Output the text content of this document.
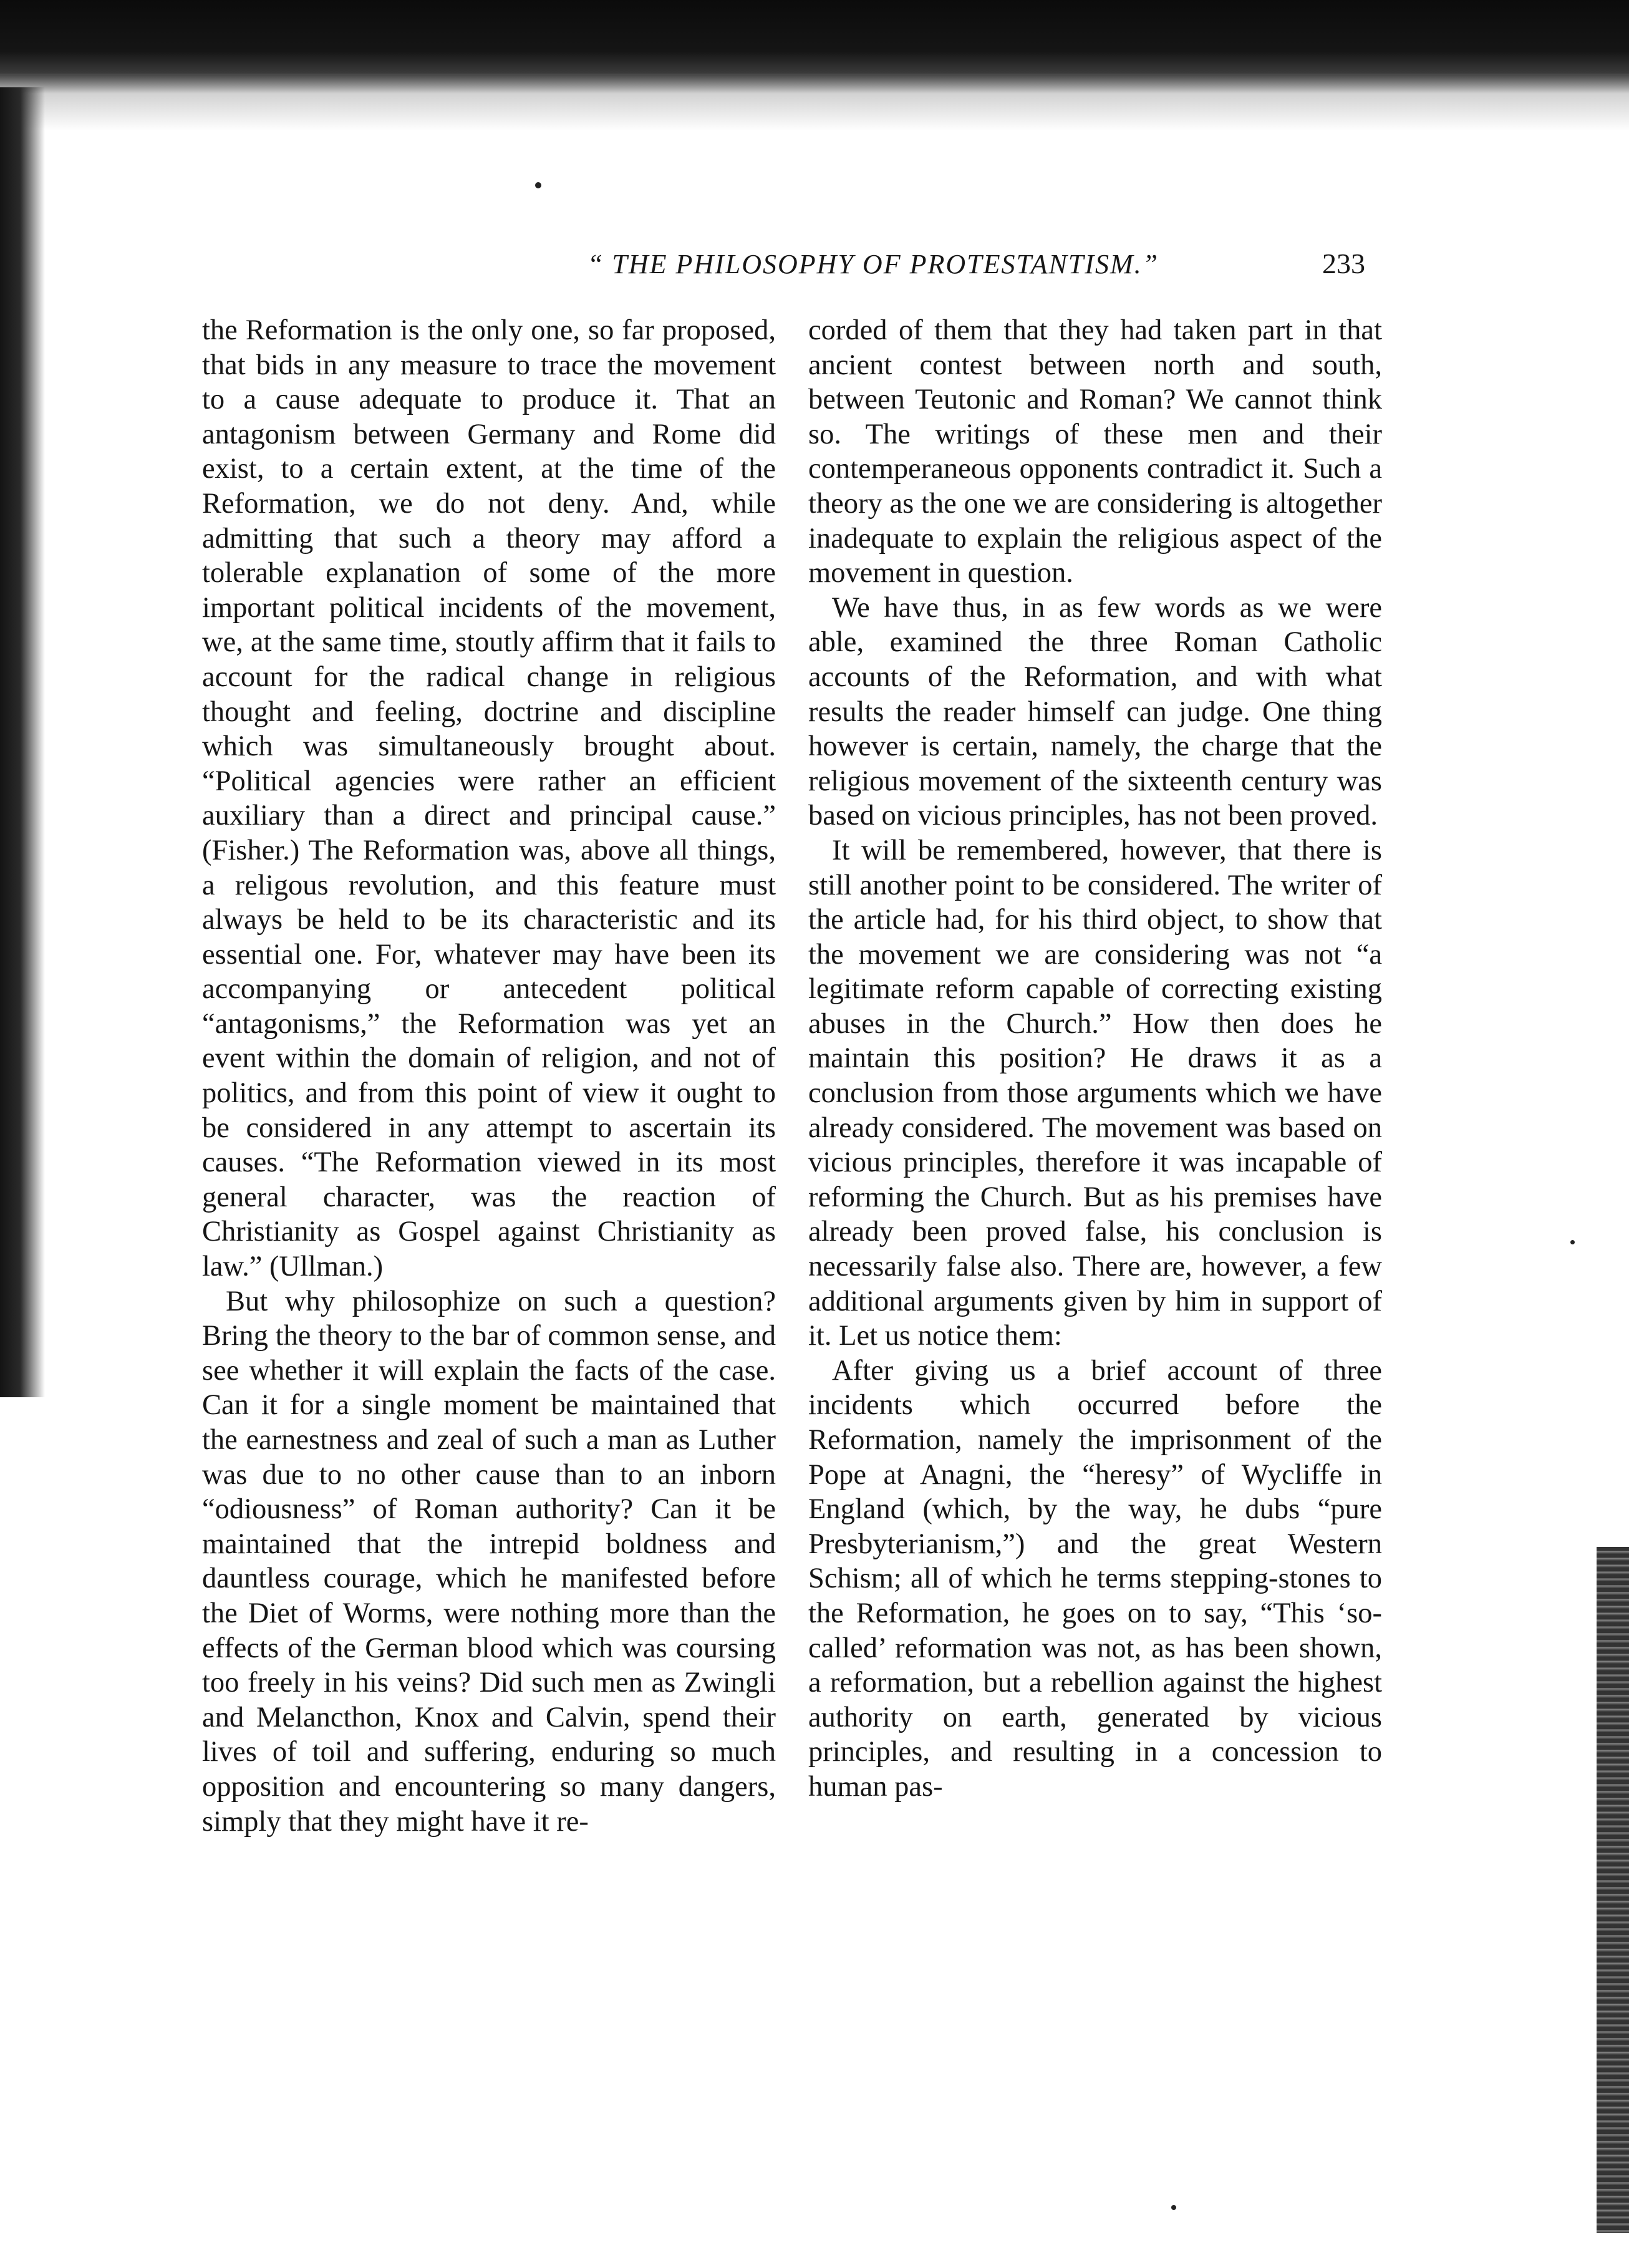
“ THE PHILOSOPHY OF PROTESTANTISM.”	233

the Reformation is the only one, so far proposed, that bids in any measure to trace the movement to a cause adequate to produce it. That an antagonism between Germany and Rome did exist, to a certain extent, at the time of the Reformation, we do not deny. And, while admitting that such a theory may afford a tolerable explanation of some of the more important political incidents of the movement, we, at the same time, stoutly affirm that it fails to account for the radical change in religious thought and feeling, doctrine and discipline which was simultaneously brought about. “Political agencies were rather an efficient auxiliary than a direct and principal cause.” (Fisher.) The Reformation was, above all things, a religous revolution, and this feature must always be held to be its characteristic and its essential one. For, whatever may have been its accompanying or antecedent political “antagonisms,” the Reformation was yet an event within the domain of religion, and not of politics, and from this point of view it ought to be considered in any attempt to ascertain its causes. “The Reformation viewed in its most general character, was the reaction of Christianity as Gospel against Christianity as law.” (Ullman.)

But why philosophize on such a question? Bring the theory to the bar of common sense, and see whether it will explain the facts of the case. Can it for a single moment be maintained that the earnestness and zeal of such a man as Luther was due to no other cause than to an inborn “odiousness” of Roman authority? Can it be maintained that the intrepid boldness and dauntless courage, which he manifested before the Diet of Worms, were nothing more than the effects of the German blood which was coursing too freely in his veins? Did such men as Zwingli and Melancthon, Knox and Calvin, spend their lives of toil and suffering, enduring so much opposition and encountering so many dangers, simply that they might have it re-

corded of them that they had taken part in that ancient contest between north and south, between Teutonic and Roman? We cannot think so. The writings of these men and their contemperaneous opponents contradict it. Such a theory as the one we are considering is altogether inadequate to explain the religious aspect of the movement in question.

We have thus, in as few words as we were able, examined the three Roman Catholic accounts of the Reformation, and with what results the reader himself can judge. One thing however is certain, namely, the charge that the religious movement of the sixteenth century was based on vicious principles, has not been proved.

It will be remembered, however, that there is still another point to be considered. The writer of the article had, for his third object, to show that the movement we are considering was not “a legitimate reform capable of correcting existing abuses in the Church.” How then does he maintain this position? He draws it as a conclusion from those arguments which we have already considered. The movement was based on vicious principles, therefore it was incapable of reforming the Church. But as his premises have already been proved false, his conclusion is necessarily false also. There are, however, a few additional arguments given by him in support of it. Let us notice them:

After giving us a brief account of three incidents which occurred before the Reformation, namely the imprisonment of the Pope at Anagni, the “heresy” of Wycliffe in England (which, by the way, he dubs “pure Presbyterianism,”) and the great Western Schism; all of which he terms stepping-stones to the Reformation, he goes on to say, “This ‘so-called’ reformation was not, as has been shown, a reformation, but a rebellion against the highest authority on earth, generated by vicious principles, and resulting in a concession to human pas-
